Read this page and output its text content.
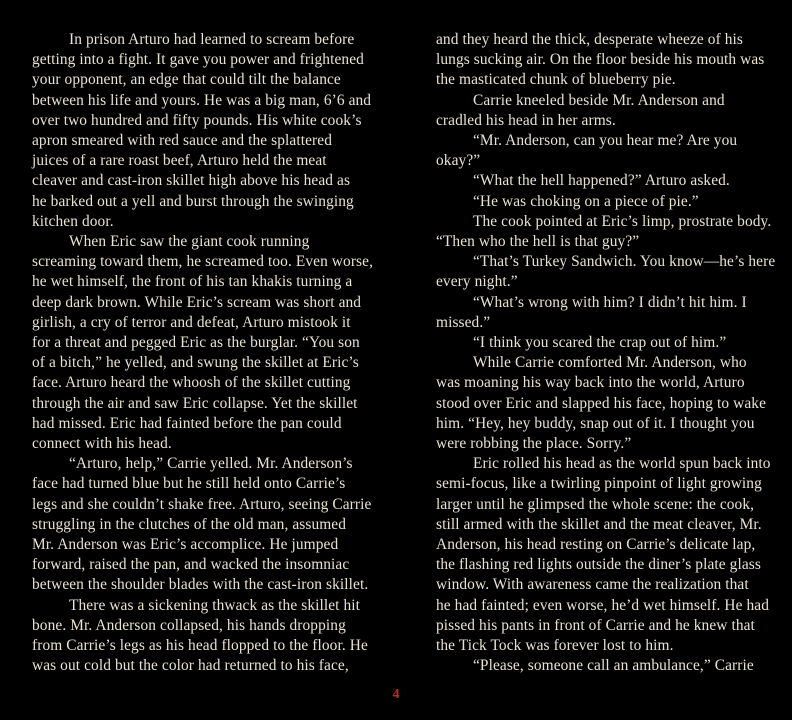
In prison Arturo had learned to scream before
getting into a fight. It gave you power and frightened
your opponent, an edge that could tilt the balance
between his life and yours. He was a big man, 6’6 and
over two hundred and fifty pounds. His white cook’s
apron smeared with red sauce and the splattered
juices of a rare roast beef, Arturo held the meat
cleaver and cast-iron skillet high above his head as
he barked out a yell and burst through the swinging
kitchen door.
When Eric saw the giant cook running
screaming toward them, he screamed too. Even worse,
he wet himself, the front of his tan khakis turning a
deep dark brown. While Eric’s scream was short and
girlish, a cry of terror and defeat, Arturo mistook it
for a threat and pegged Eric as the burglar. “You son
of a bitch,” he yelled, and swung the skillet at Eric’s
face. Arturo heard the whoosh of the skillet cutting
through the air and saw Eric collapse. Yet the skillet
had missed. Eric had fainted before the pan could
connect with his head.
“Arturo, help,” Carrie yelled. Mr. Anderson’s
face had turned blue but he still held onto Carrie’s
legs and she couldn’t shake free. Arturo, seeing Carrie
struggling in the clutches of the old man, assumed
Mr. Anderson was Eric’s accomplice. He jumped
forward, raised the pan, and wacked the insomniac
between the shoulder blades with the cast-iron skillet.
There was a sickening thwack as the skillet hit
bone. Mr. Anderson collapsed, his hands dropping
from Carrie’s legs as his head flopped to the floor. He
was out cold but the color had returned to his face,
and they heard the thick, desperate wheeze of his
lungs sucking air. On the floor beside his mouth was
the masticated chunk of blueberry pie.
Carrie kneeled beside Mr. Anderson and
cradled his head in her arms.
“Mr. Anderson, can you hear me? Are you
okay?”
“What the hell happened?” Arturo asked.
“He was choking on a piece of pie.”
The cook pointed at Eric’s limp, prostrate body.
“Then who the hell is that guy?”
“That’s Turkey Sandwich. You know—he’s here
every night.”
“What’s wrong with him? I didn’t hit him. I
missed.”
“I think you scared the crap out of him.”
While Carrie comforted Mr. Anderson, who
was moaning his way back into the world, Arturo
stood over Eric and slapped his face, hoping to wake
him. “Hey, hey buddy, snap out of it. I thought you
were robbing the place. Sorry.”
Eric rolled his head as the world spun back into
semi-focus, like a twirling pinpoint of light growing
larger until he glimpsed the whole scene: the cook,
still armed with the skillet and the meat cleaver, Mr.
Anderson, his head resting on Carrie’s delicate lap,
the flashing red lights outside the diner’s plate glass
window. With awareness came the realization that
he had fainted; even worse, he’d wet himself. He had
pissed his pants in front of Carrie and he knew that
the Tick Tock was forever lost to him.
“Please, someone call an ambulance,” Carrie
4
